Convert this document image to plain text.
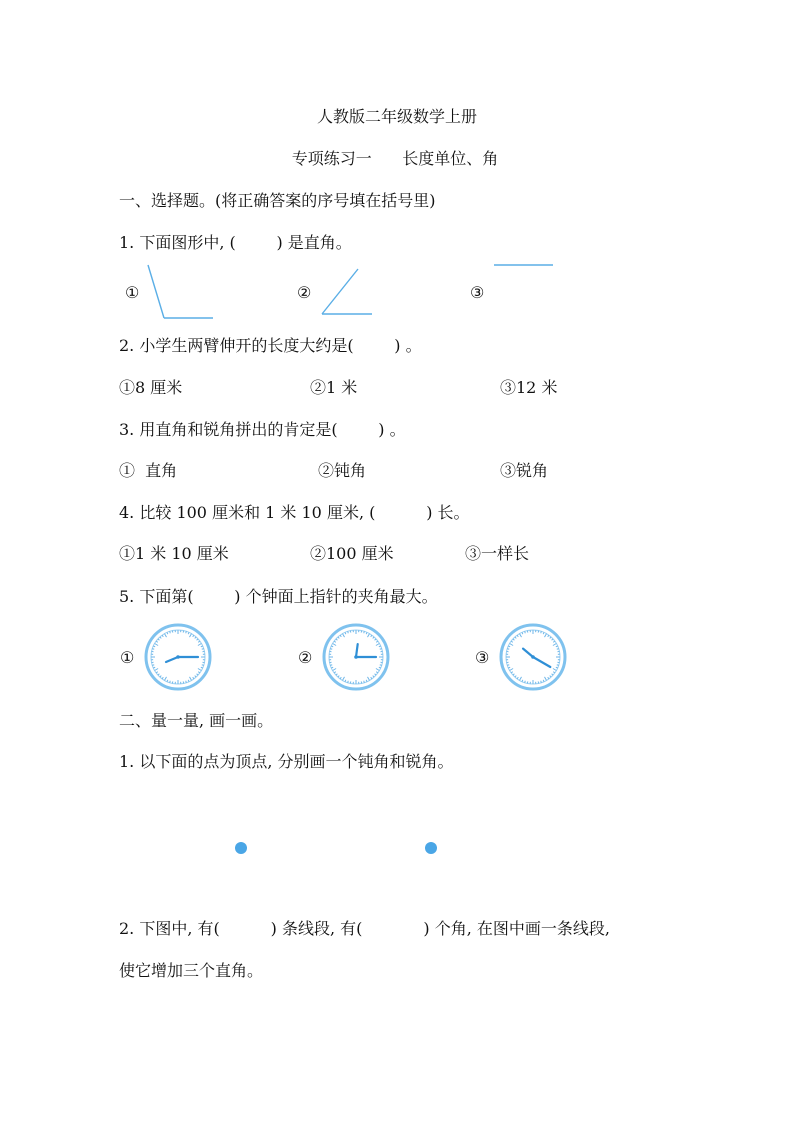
人教版二年级数学上册
专项练习一      长度单位、角
一、选择题。(将正确答案的序号填在括号里)
1. 下面图形中, (        ) 是直角。
①	②	③
2. 小学生两臂伸开的长度大约是(        ) 。
①8 厘米	②1 米	③12 米
3. 用直角和锐角拼出的肯定是(        ) 。
①  直角	②钝角	③锐角
4. 比较 100 厘米和 1 米 10 厘米, (          ) 长。
①1 米 10 厘米	②100 厘米	③一样长
5. 下面第(        ) 个钟面上指针的夹角最大。
①	②	③
二、量一量, 画一画。
1. 以下面的点为顶点, 分别画一个钝角和锐角。
2. 下图中, 有(          ) 条线段, 有(            ) 个角, 在图中画一条线段,
使它增加三个直角。
